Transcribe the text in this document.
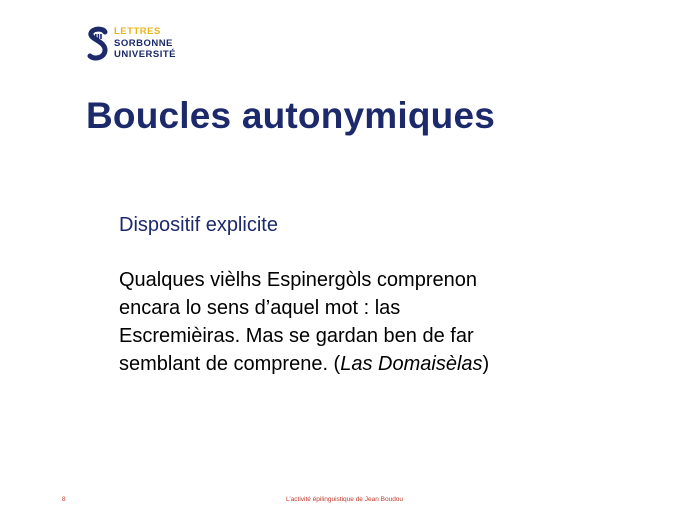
LETTRES
SORBONNE
UNIVERSITÉ
Boucles autonymiques
Dispositif explicite
Qualques vièlhs Espinergòls comprenon
encara lo sens d’aquel mot : las
Escremièiras. Mas se gardan ben de far
semblant de comprene. (Las Domaisèlas)
8	L’activité épilinguistique de Jean Boudou
